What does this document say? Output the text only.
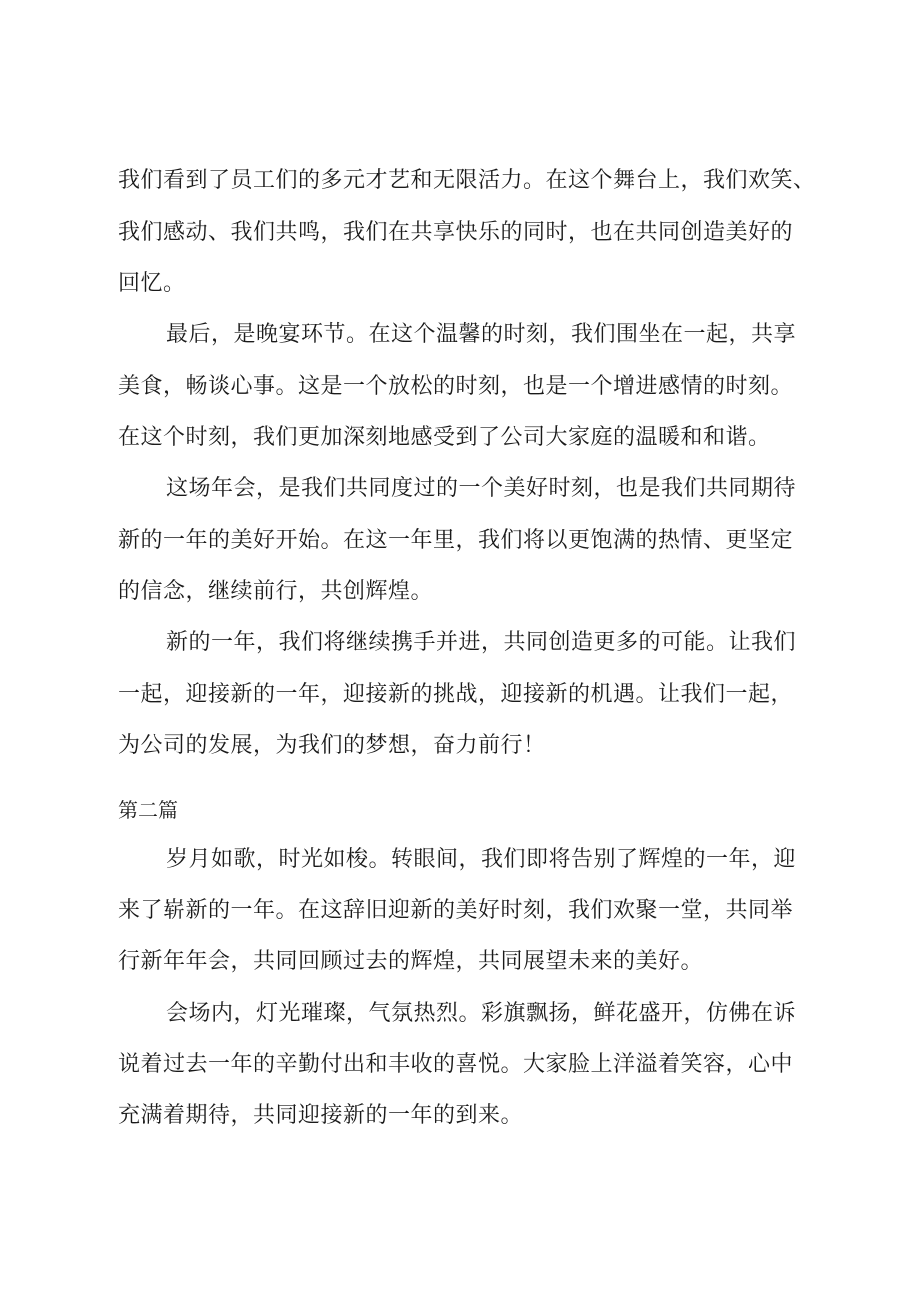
我们看到了员工们的多元才艺和无限活力。在这个舞台上，我们欢笑、
我们感动、我们共鸣，我们在共享快乐的同时，也在共同创造美好的
回忆。
最后，是晚宴环节。在这个温馨的时刻，我们围坐在一起，共享
美食，畅谈心事。这是一个放松的时刻，也是一个增进感情的时刻。
在这个时刻，我们更加深刻地感受到了公司大家庭的温暖和和谐。
这场年会，是我们共同度过的一个美好时刻，也是我们共同期待
新的一年的美好开始。在这一年里，我们将以更饱满的热情、更坚定
的信念，继续前行，共创辉煌。
新的一年，我们将继续携手并进，共同创造更多的可能。让我们
一起，迎接新的一年，迎接新的挑战，迎接新的机遇。让我们一起，
为公司的发展，为我们的梦想，奋力前行！
第二篇
岁月如歌，时光如梭。转眼间，我们即将告别了辉煌的一年，迎
来了崭新的一年。在这辞旧迎新的美好时刻，我们欢聚一堂，共同举
行新年年会，共同回顾过去的辉煌，共同展望未来的美好。
会场内，灯光璀璨，气氛热烈。彩旗飘扬，鲜花盛开，仿佛在诉
说着过去一年的辛勤付出和丰收的喜悦。大家脸上洋溢着笑容，心中
充满着期待，共同迎接新的一年的到来。
